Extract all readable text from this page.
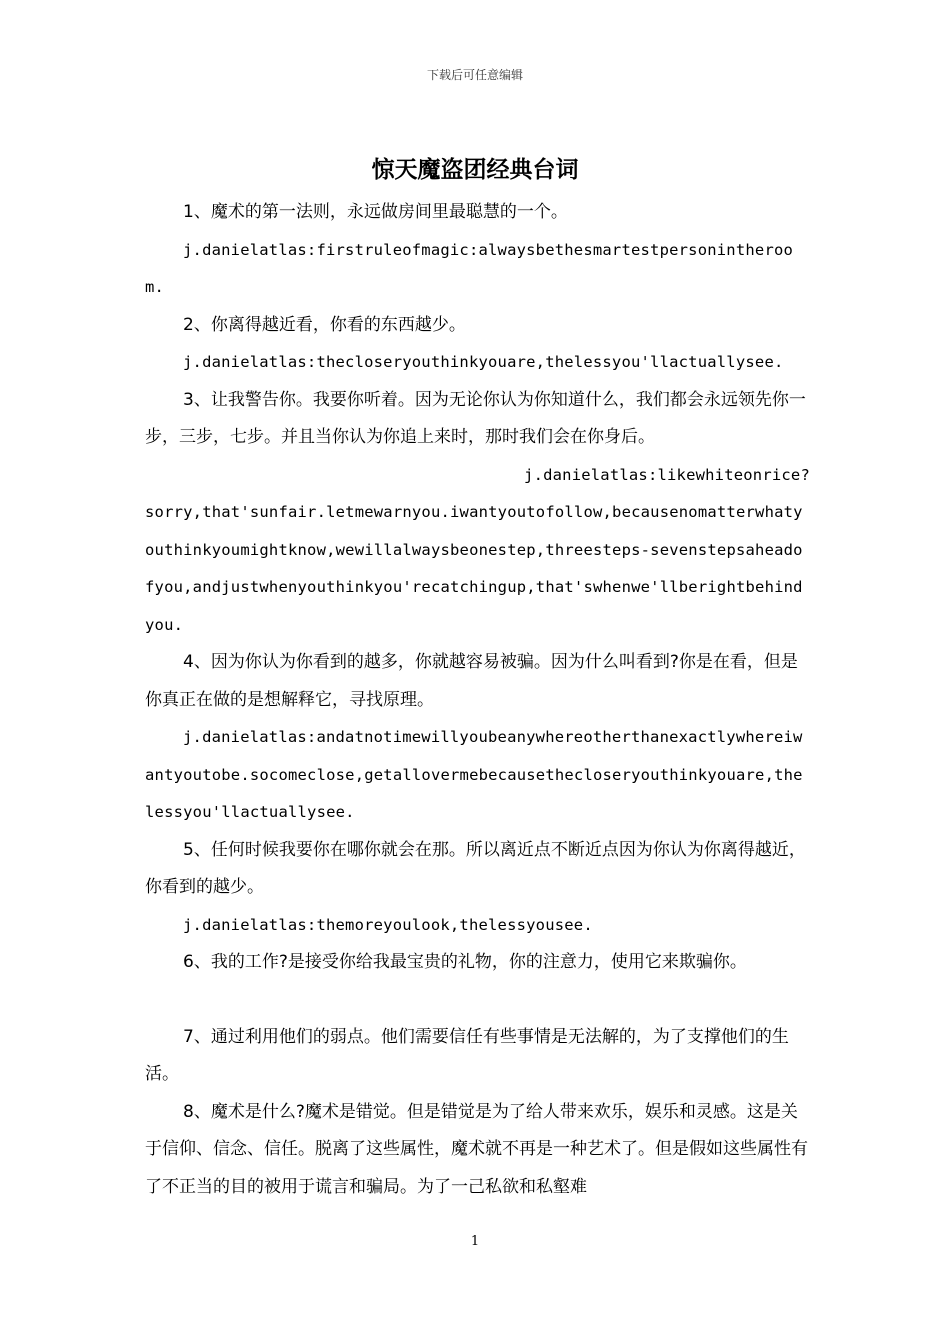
下载后可任意编辑
惊天魔盗团经典台词

1、魔术的第一法则，永远做房间里最聪慧的一个。

j.danielatlas:firstruleofmagic:alwaysbethesmartestpersonintheroom.

2、你离得越近看，你看的东西越少。

j.danielatlas:thecloseryouthinkyouare,thelessyou'llactuallysee.

3、让我警告你。我要你听着。因为无论你认为你知道什么，我们都会永远领先你一步，三步，七步。并且当你认为你追上来时，那时我们会在你身后。

j.danielatlas:likewhiteonrice?

sorry,that'sunfair.letmewarnyou.iwantyoutofollow,becausenomatterwhatyouthinkyoumightknow,wewillalwaysbeonestep,threesteps-sevenstepsaheadofyou,andjustwhenyouthinkyou'recatchingup,that'swhenwe'llberightbehindyou.

4、因为你认为你看到的越多，你就越容易被骗。因为什么叫看到?你是在看，但是你真正在做的是想解释它，寻找原理。

j.danielatlas:andatnotimewillyoubeanywhereotherthanexactlywhereiwantyoutobe.socomeclose,getallovermebecausethecloseryouthinkyouare,thelessyou'llactuallysee.

5、任何时候我要你在哪你就会在那。所以离近点不断近点因为你认为你离得越近，你看到的越少。

j.danielatlas:themoreyoulook,thelessyousee.

6、我的工作?是接受你给我最宝贵的礼物，你的注意力，使用它来欺骗你。

7、通过利用他们的弱点。他们需要信任有些事情是无法解的，为了支撑他们的生活。

8、魔术是什么?魔术是错觉。但是错觉是为了给人带来欢乐，娱乐和灵感。这是关于信仰、信念、信任。脱离了这些属性，魔术就不再是一种艺术了。但是假如这些属性有了不正当的目的被用于谎言和骗局。为了一己私欲和私壑难

1
